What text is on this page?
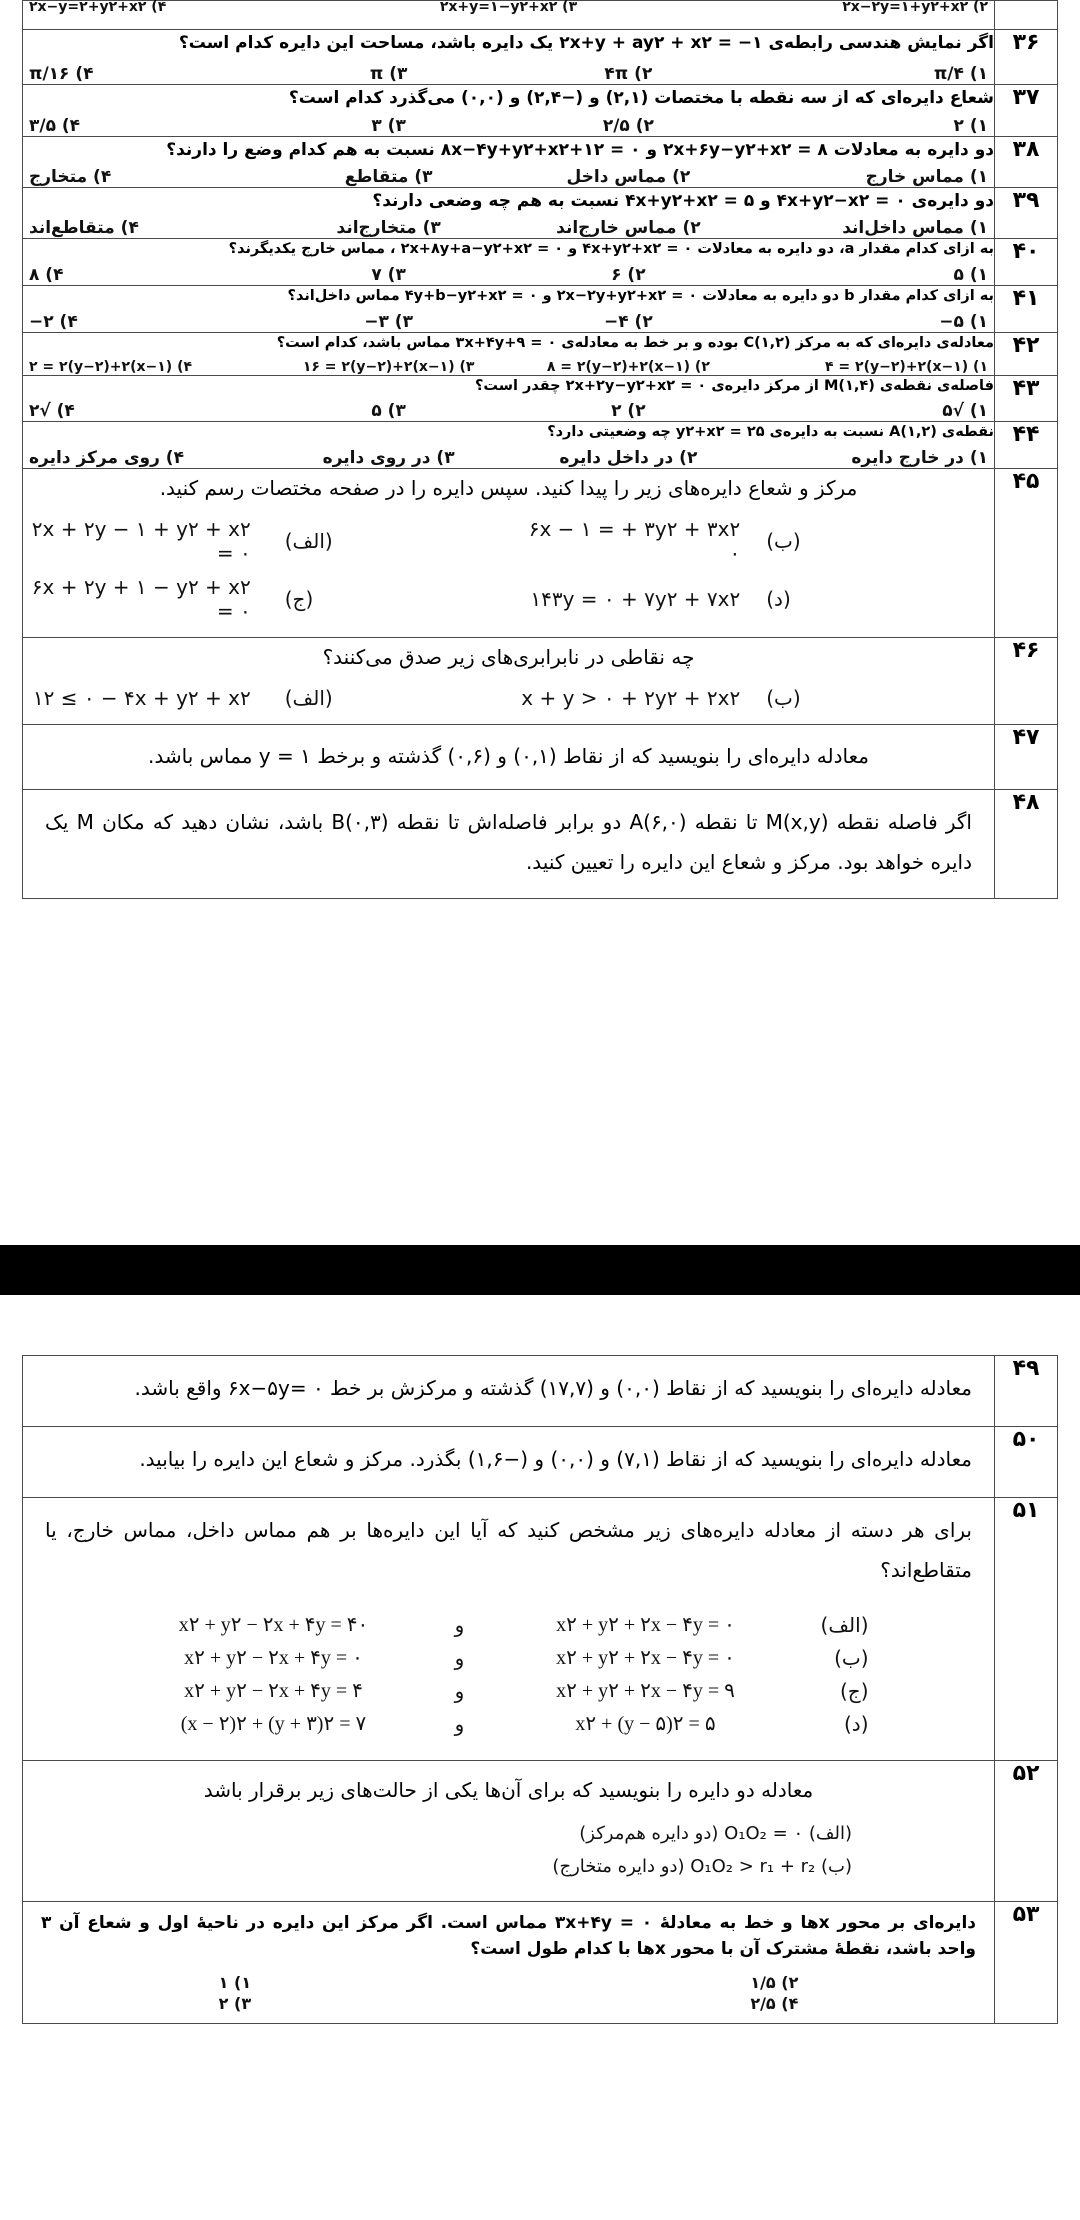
	۲) x٢+y٢+۲x−۲y=۱
۳) x٢+y٢−۲x+y=۱
۴) x٢+y٢+۲x−y=۲

۳۶	اگر نمایش هندسی رابطه‌ی ۱− = x٢ + ay٢ + ۲x+y یک دایره باشد، مساحت این دایره کدام است؟
۱) π/۴
۲) ۴π
۳) π
۴) π/۱۶

۳۷	شعاع دایره‌ای که از سه نقطه با مختصات (۲,۱) و (−۲,۴) و (۰,۰) می‌گذرد کدام است؟
۱) ۲
۲) ۲/۵
۳) ۳
۴) ۳/۵

۳۸	دو دایره به معادلات ۸ = x٢+y٢−۲x+۶y و ۰ = ۱۲+x٢+y٢+۸x−۴y نسبت به هم کدام وضع را دارند؟
۱) مماس خارج
۲) مماس داخل
۳) متقاطع
۴) متخارج

۳۹	دو دایره‌ی ۰ = x٢−۴x+y٢ و ۵ = x٢+۴x+y٢ نسبت به هم چه وضعی دارند؟
۱) مماس داخل‌اند
۲) مماس خارج‌اند
۳) متخارج‌اند
۴) متقاطع‌اند

۴۰	به ازای کدام مقدار a، دو دایره به معادلات ۰ = x٢+y٢+۴x و ۰ = x٢+y٢−۲x+۸y+a ، مماس خارج یکدیگرند؟
۱) ۵
۲) ۶
۳) ۷
۴) ۸

۴۱	به ازای کدام مقدار b دو دایره به معادلات ۰ = x٢+y٢+۲x−۲y و ۰ = x٢+y٢−۴y+b مماس داخل‌اند؟
۱) ۵−
۲) ۴−
۳) ۳−
۴) ۲−

۴۲	معادله‌ی دایره‌ای که به مرکز C(۱,۲) بوده و بر خط به معادله‌ی ۰ = ۹+۳x+۴y مماس باشد، کدام است؟
۱) (x−۱)٢+(y−۲)٢ = ۴
۲) (x−۱)٢+(y−۲)٢ = ۸
۳) (x−۱)٢+(y−۲)٢ = ۱۶
۴) (x−۱)٢+(y−۲)٢ = ۲

۴۳	فاصله‌ی نقطه‌ی M(۱,۴) از مرکز دایره‌ی ۰ = x٢+y٢−۲x+۲y چقدر است؟
۱) √۵
۲) ۲
۳) ۵
۴) √۲

۴۴	نقطه‌ی A(۱,۲) نسبت به دایره‌ی ۲۵ = x٢+y٢ چه وضعیتی دارد؟
۱) در خارج دایره
۲) در داخل دایره
۳) در روی دایره
۴) روی مرکز دایره

۴۵	
مرکز و شعاع دایره‌های زیر را پیدا کنید. سپس دایره را در صفحه مختصات رسم کنید.
(ب)
۳x٢ + ۳y٢ + ۶x − ۱ = ۰
(الف)
x٢ + y٢ + ۲x + ۲y − ۱ = ۰
(د)
۷x٢ + ۷y٢ + ۱۴۳y = ۰
(ج)
x٢ + y٢ − ۶x + ۲y + ۱ = ۰

۴۶	چه نقاطی در نابرابری‌های زیر صدق می‌کنند؟
(ب)
۲x٢ + ۲y٢ + x + y > ۰
(الف)
x٢ + ۴x + y٢ − ۱۲ ≤ ۰

۴۷	معادله دایره‌ای را بنویسید که از نقاط (۰,۱) و (۰,۶) گذشته و برخط ۱ = y مماس باشد.

۴۸	اگر فاصله نقطه M(x,y) تا نقطه (۶,۰)A دو برابر فاصله‌اش تا نقطه (۰,۳)B باشد، نشان دهید که مکان M یک دایره خواهد بود. مرکز و شعاع این دایره را تعیین کنید.
۴۹	معادله دایره‌ای را بنویسید که از نقاط (۰,۰) و (۱۷,۷) گذشته و مرکزش بر خط ۰ =۶x−۵y واقع باشد.

۵۰	معادله دایره‌ای را بنویسید که از نقاط (۷,۱) و (۰,۰) و (−۱,۶) بگذرد. مرکز و شعاع این دایره را بیابید.

۵۱	
برای هر دسته از معادله دایره‌های زیر مشخص کنید که آیا این دایره‌ها بر هم مماس داخل، مماس خارج، یا متقاطع‌اند؟
(الف)
x٢ + y٢ + ۲x − ۴y = ۰
و
x٢ + y٢ − ۲x + ۴y = ۴۰
(ب)
x٢ + y٢ + ۲x − ۴y = ۰
و
x٢ + y٢ − ۲x + ۴y = ۰
(ج)
x٢ + y٢ + ۲x − ۴y = ۹
و
x٢ + y٢ − ۲x + ۴y = ۴
(د)
x٢ + (y − ۵)٢ = ۵
و
(x − ۲)٢ + (y + ۳)٢ = ۷

۵۲	معادله دو دایره را بنویسید که برای آن‌ها یکی از حالت‌های زیر برقرار باشد
(الف) ۰ = O₁O₂ (دو دایره هم‌مرکز)
(ب) O₁O₂ > r₁ + r₂ (دو دایره متخارج)

۵۳	دایره‌ای بر محور xها و خط به معادلهٔ ۰ = ۳x+۴y مماس است. اگر مرکز این دایره در ناحیهٔ اول و شعاع آن ۳ واحد باشد، نقطهٔ مشترک آن با محور xها با کدام طول است؟
۲) ۱/۵
۱) ۱
۴) ۲/۵
۳) ۲
